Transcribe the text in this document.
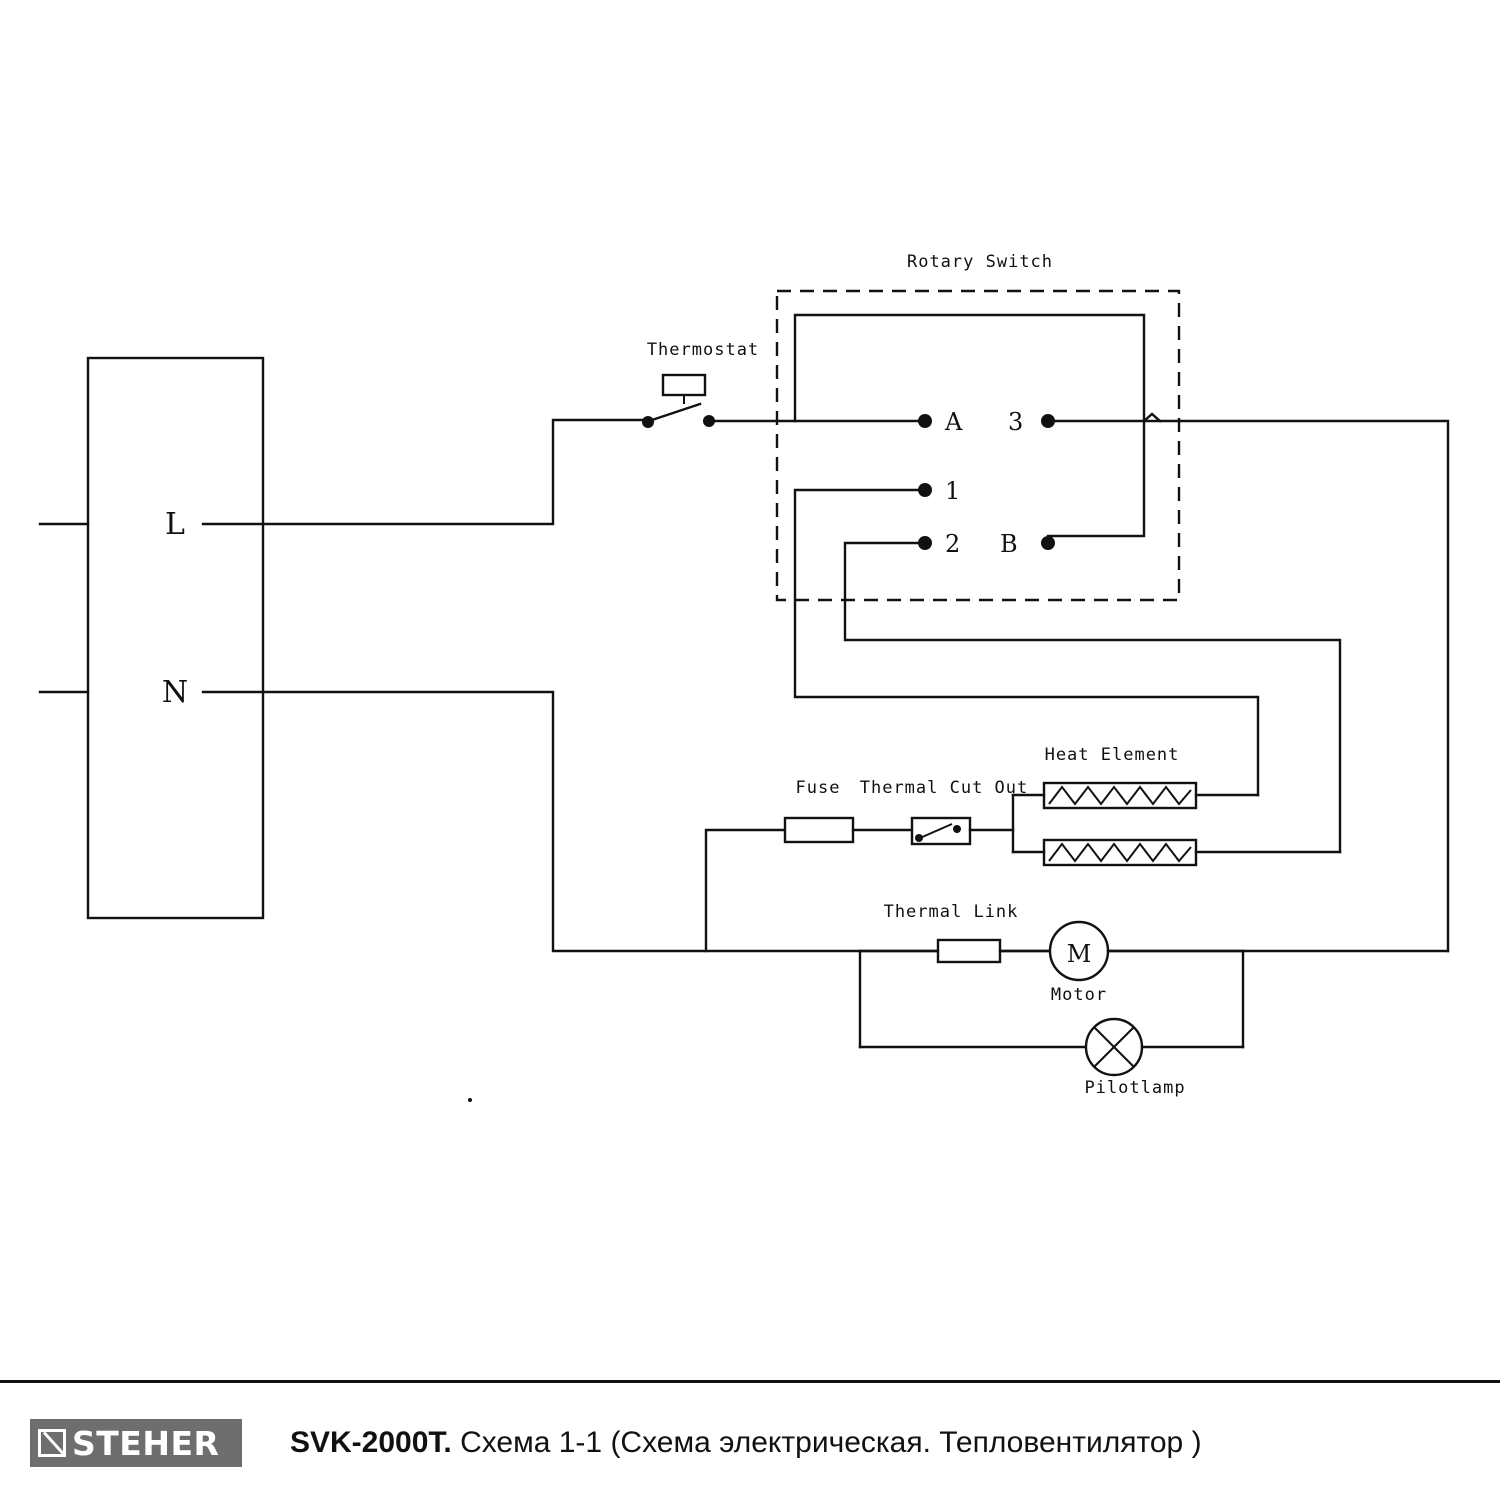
L
N
Thermostat
Rotary Switch
A 3
1
2 B
Fuse Thermal Cut Out
Heat Element
Thermal Link
M
Motor
Pilotlamp
STEHER SVK-2000T. Схема 1-1 (Схема электрическая. Тепловентилятор )
